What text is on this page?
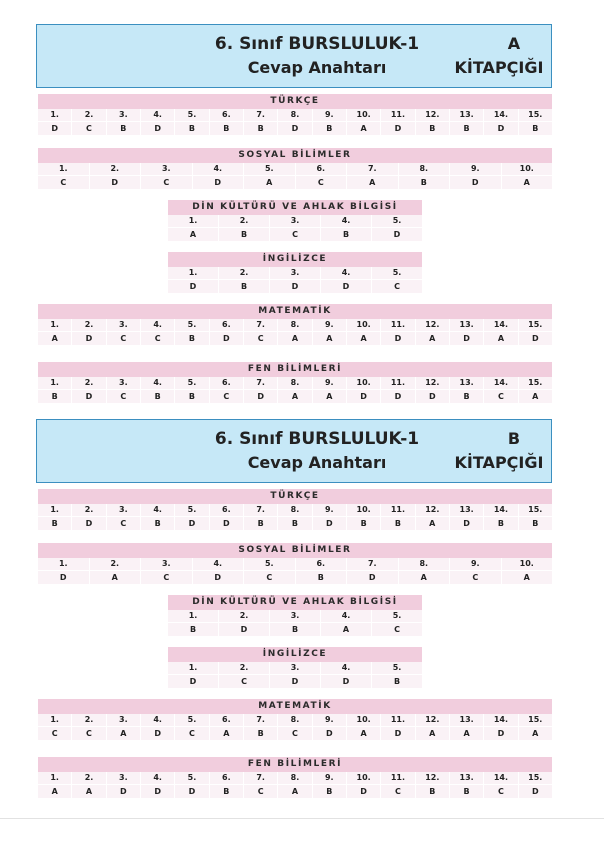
6. Sınıf BURSLULUK-1
Cevap Anahtarı
A
KİTAPÇIĞI
TÜRKÇE
1.
D
2.
C
3.
B
4.
D
5.
B
6.
B
7.
B
8.
D
9.
B
10.
A
11.
D
12.
B
13.
B
14.
D
15.
B
SOSYAL BİLİMLER
1.
C
2.
D
3.
C
4.
D
5.
A
6.
C
7.
A
8.
B
9.
D
10.
A
DİN KÜLTÜRÜ VE AHLAK BİLGİSİ
1.
A
2.
B
3.
C
4.
B
5.
D
İNGİLİZCE
1.
D
2.
B
3.
D
4.
D
5.
C
MATEMATİK
1.
A
2.
D
3.
C
4.
C
5.
B
6.
D
7.
C
8.
A
9.
A
10.
A
11.
D
12.
A
13.
D
14.
A
15.
D
FEN BİLİMLERİ
1.
B
2.
D
3.
C
4.
B
5.
B
6.
C
7.
D
8.
A
9.
A
10.
D
11.
D
12.
D
13.
B
14.
C
15.
A
6. Sınıf BURSLULUK-1
Cevap Anahtarı
B
KİTAPÇIĞI
TÜRKÇE
1.
B
2.
D
3.
C
4.
B
5.
D
6.
D
7.
B
8.
B
9.
D
10.
B
11.
B
12.
A
13.
D
14.
B
15.
B
SOSYAL BİLİMLER
1.
D
2.
A
3.
C
4.
D
5.
C
6.
B
7.
D
8.
A
9.
C
10.
A
DİN KÜLTÜRÜ VE AHLAK BİLGİSİ
1.
B
2.
D
3.
B
4.
A
5.
C
İNGİLİZCE
1.
D
2.
C
3.
D
4.
D
5.
B
MATEMATİK
1.
C
2.
C
3.
A
4.
D
5.
C
6.
A
7.
B
8.
C
9.
D
10.
A
11.
D
12.
A
13.
A
14.
D
15.
A
FEN BİLİMLERİ
1.
A
2.
A
3.
D
4.
D
5.
D
6.
B
7.
C
8.
A
9.
B
10.
D
11.
C
12.
B
13.
B
14.
C
15.
D
